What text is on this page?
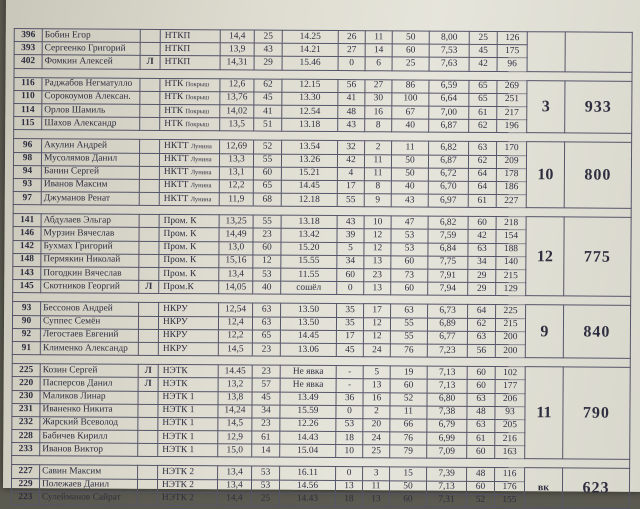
396	Бобин Егор		НТКП	14,4	25	14.25	26	11	50	8,00	25	126		
393	Сергеенко Григорий		НТКП	13,9	43	14.21	27	14	60	7,53	45	175		
402	Фомкин Алексей	Л	НТКП	14,31	29	15.46	0	6	25	7,63	42	96		

116	Раджабов Негматулло		НТК Покрыш	12,6	62	12.15	56	27	86	6,59	65	269	3	933
110	Сорокоумов Алексан.		НТК Покрыш	13,76	45	13.30	41	30	100	6,64	65	251		
114	Орлов Шамиль		НТК Покрыш	14,02	41	12.54	48	16	67	7,00	61	217		
115	Шахов Александр		НТК Покрыш	13,5	51	13.18	43	8	40	6,87	62	196		

96	Акулин Андрей		НКТТ Лунина	12,69	52	13.54	32	2	11	6,82	63	170	10	800
98	Мусолямов Данил		НКТТ Лунина	13,3	55	13.26	42	11	50	6,87	62	209		
94	Банин Сергей		НКТТ Лунина	13,1	60	15.21	4	11	50	6,72	64	178		
93	Иванов Максим		НКТТ Лунина	12,2	65	14.45	17	8	40	6,70	64	186		
97	Джуманов Ренат		НКТТ Лунина	11,9	68	12.18	55	9	43	6,97	61	227		

141	Абдулаев Эльгар		Пром. К	13,25	55	13.18	43	10	47	6,82	60	218	12	775
146	Мурзин Вячеслав		Пром. К	14,49	23	13.42	39	12	53	7,59	42	154		
142	Бухмах Григорий		Пром. К	13,0	60	15.20	5	12	53	6,84	63	188		
148	Пермякин Николай		Пром. К	15,16	12	15.55	34	13	60	7,75	34	140		
143	Погодкин Вячеслав		Пром. К	13,4	53	11.55	60	23	73	7,91	29	215		
145	Скотников Георгий	Л	Пром.К	14,05	40	сошёл	0	13	60	7,94	29	129		

93	Бессонов Андрей		НКРУ	12,54	63	13.50	35	17	63	6,73	64	225	9	840
90	Суппес Семён		НКРУ	12,4	63	13.50	35	12	55	6,89	62	215		
92	Легостаев Евгений		НКРУ	12,2	65	14.45	17	12	55	6,77	63	200		
91	Клименко Александр		НКРУ	14,5	23	13.06	45	24	76	7,23	56	200		

225	Козин Сергей	Л	НЭТК	14.45	23	Не явка	-	5	19	7,13	60	102	11	790
220	Пасперсов Данил	Л	НЭТК	13,2	57	Не явка	-	13	60	7,13	60	177		
230	Маликов Линар		НЭТК 1	13,8	45	13.49	36	16	52	6,80	63	206		
231	Иваненко Никита		НЭТК 1	14,24	34	15.59	0	2	11	7,38	48	93		
232	Жарский Всеволод		НЭТК 1	14,5	23	12.26	53	20	66	6,79	63	205		
228	Бабичев Кирилл		НЭТК 1	12,9	61	14.43	18	24	76	6,99	61	216		
233	Иванов Виктор		НЭТК 1	15,0	14	15.04	10	25	79	7,09	60	163		

227	Савин Максим		НЭТК 2	13,4	53	16.11	0	3	15	7,39	48	116	вк	623
229	Полежаев Данил		НЭТК 2	13,4	53	14.56	13	11	50	7,13	60	176		
223	Сулейманов Сайрат		НЭТК 2	14,4	25	14.43	18	13	60	7,31	52	155		
